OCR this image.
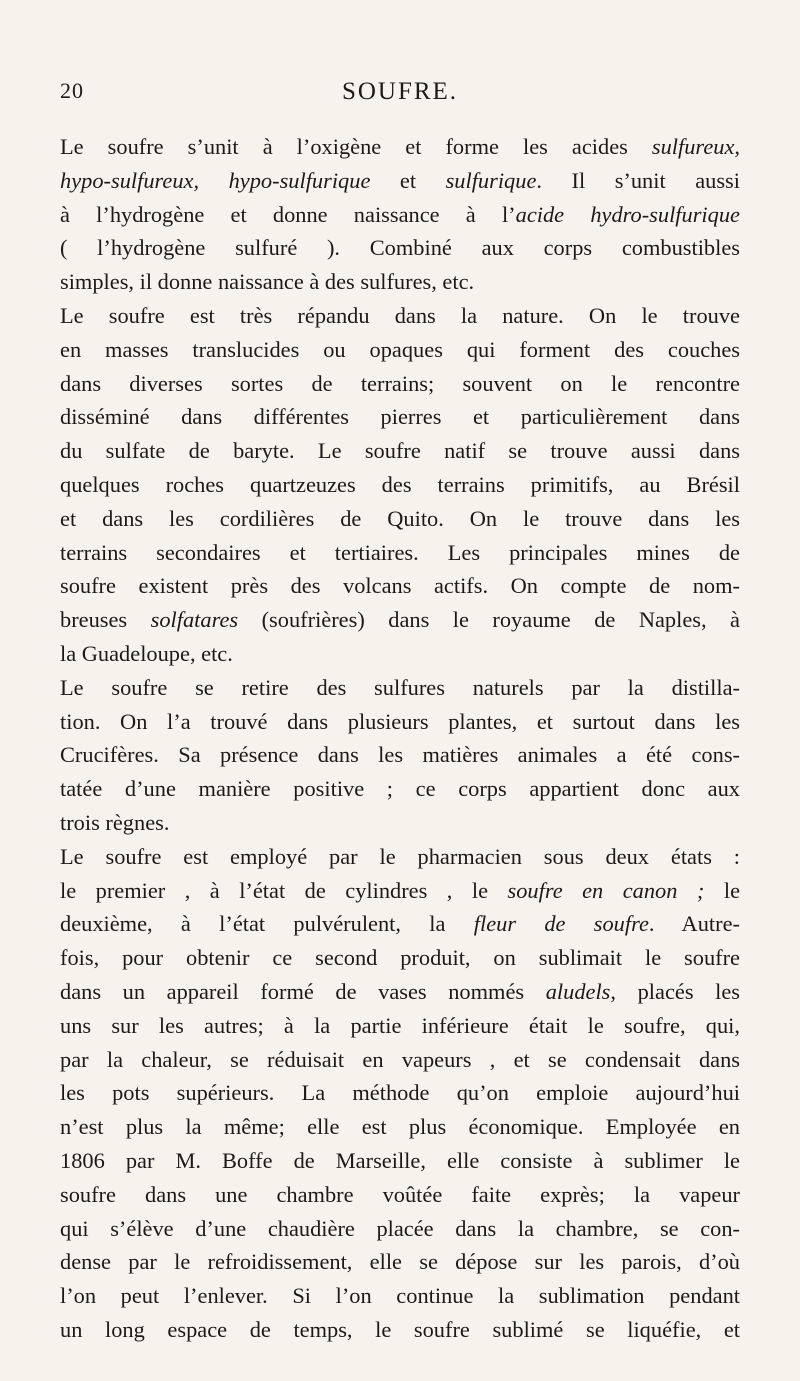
20	SOUFRE.
Le soufre s’unit à l’oxigène et forme les acides sulfureux,
hypo-sulfureux, hypo-sulfurique et sulfurique. Il s’unit aussi
à l’hydrogène et donne naissance à l’acide hydro-sulfurique
( l’hydrogène sulfuré ). Combiné aux corps combustibles
simples, il donne naissance à des sulfures, etc.
Le soufre est très répandu dans la nature. On le trouve
en masses translucides ou opaques qui forment des couches
dans diverses sortes de terrains; souvent on le rencontre
disséminé dans différentes pierres et particulièrement dans
du sulfate de baryte. Le soufre natif se trouve aussi dans
quelques roches quartzeuzes des terrains primitifs, au Brésil
et dans les cordilières de Quito. On le trouve dans les
terrains secondaires et tertiaires. Les principales mines de
soufre existent près des volcans actifs. On compte de nom-
breuses solfatares (soufrières) dans le royaume de Naples, à
la Guadeloupe, etc.
Le soufre se retire des sulfures naturels par la distilla-
tion. On l’a trouvé dans plusieurs plantes, et surtout dans les
Crucifères. Sa présence dans les matières animales a été cons-
tatée d’une manière positive ; ce corps appartient donc aux
trois règnes.
Le soufre est employé par le pharmacien sous deux états :
le premier , à l’état de cylindres , le soufre en canon ; le
deuxième, à l’état pulvérulent, la fleur de soufre. Autre-
fois, pour obtenir ce second produit, on sublimait le soufre
dans un appareil formé de vases nommés aludels, placés les
uns sur les autres; à la partie inférieure était le soufre, qui,
par la chaleur, se réduisait en vapeurs , et se condensait dans
les pots supérieurs. La méthode qu’on emploie aujourd’hui
n’est plus la même; elle est plus économique. Employée en
1806 par M. Boffe de Marseille, elle consiste à sublimer le
soufre dans une chambre voûtée faite exprès; la vapeur
qui s’élève d’une chaudière placée dans la chambre, se con-
dense par le refroidissement, elle se dépose sur les parois, d’où
l’on peut l’enlever. Si l’on continue la sublimation pendant
un long espace de temps, le soufre sublimé se liquéfie, et
